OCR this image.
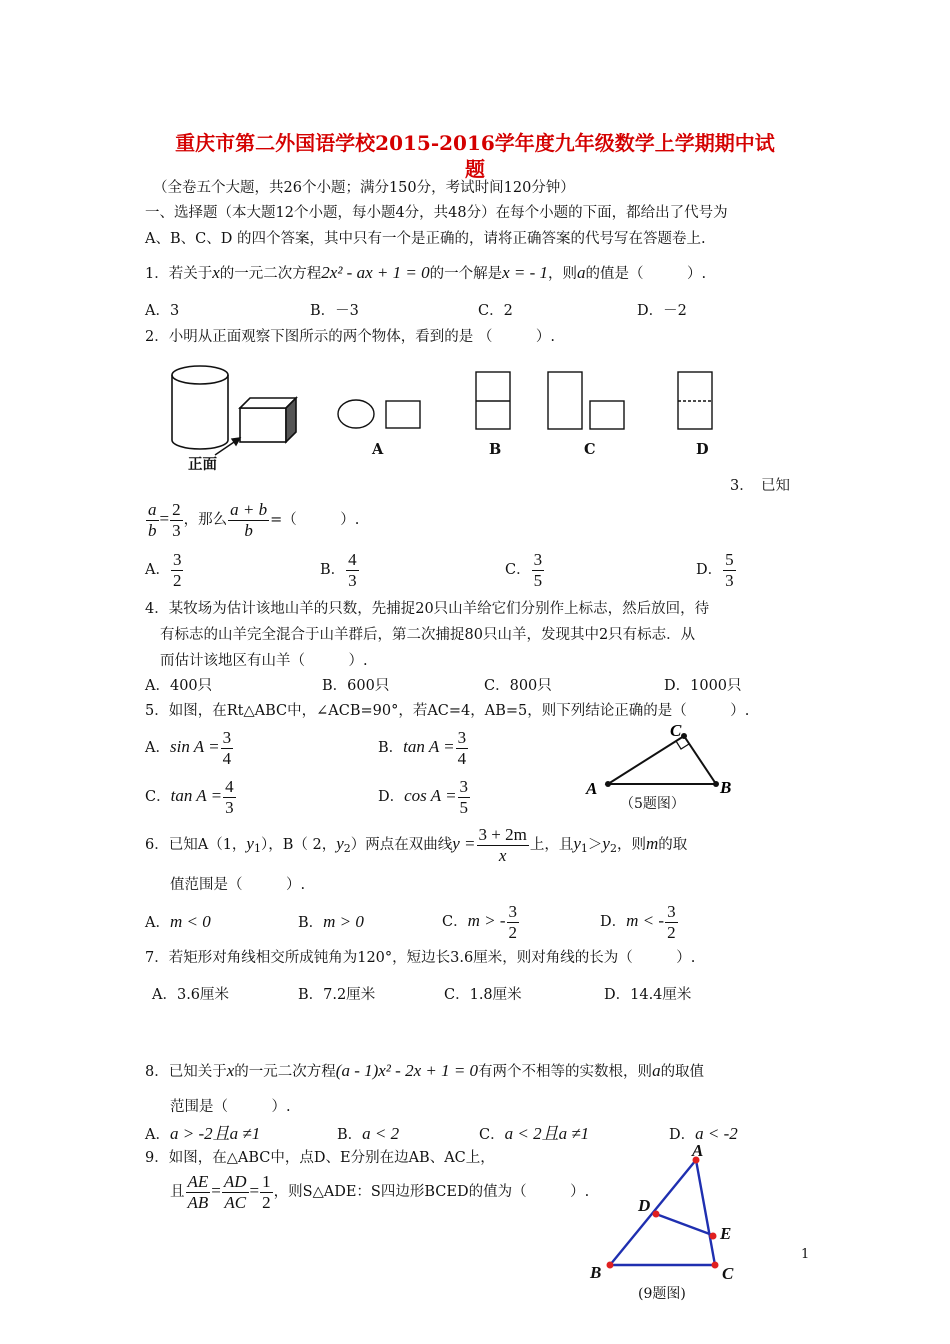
重庆市第二外国语学校2015-2016学年度九年级数学上学期期中试
题
（全卷五个大题，共26个小题；满分150分，考试时间120分钟）
一、选择题（本大题12个小题，每小题4分，共48分）在每个小题的下面，都给出了代号为
A、B、C、D 的四个答案，其中只有一个是正确的，请将正确答案的代号写在答题卷上.
1．若关于x的一元二次方程2x² - ax + 1 = 0的一个解是x = - 1，则a的值是（　　　）.
A．3	B．－3	C．2	D．－2
2．小明从正面观察下图所示的两个物体，看到的是 （　　　）.
正面
A	B	C	D
3．　已知
$\frac{a}{b} = \frac{2}{3}$ ，那么 $\frac{a + b}{b}$ =（　　　）.
A． $\frac{3}{2}$	B． $\frac{4}{3}$	C． $\frac{3}{5}$	D． $\frac{5}{3}$
4．某牧场为估计该地山羊的只数，先捕捉20只山羊给它们分别作上标志，然后放回，待
有标志的山羊完全混合于山羊群后，第二次捕捉80只山羊，发现其中2只有标志．从
而估计该地区有山羊（　　　）.
A．400只	B．600只	C．800只	D．1000只
5．如图，在Rt△ABC中，∠ACB=90°，若AC=4，AB=5，则下列结论正确的是（　　　）.
A．$\sin A = \frac{3}{4}$	B．$\tan A = \frac{3}{4}$
C．$\tan A = \frac{4}{3}$	D．$\cos A = \frac{3}{5}$	A	B
C
（5题图）
6．已知A（1，$y_1$），B（ 2，$y_2$）两点在双曲线$y = \frac{3 + 2m}{x}$ 上，且$y_1>y_2$，则m的取
值范围是（　　　）.
A．m < 0	B．m > 0	C．m > - $\frac{3}{2}$	D．m < - $\frac{3}{2}$
7．若矩形对角线相交所成钝角为120°，短边长3.6厘米，则对角线的长为（　　　）.
A．3.6厘米	B．7.2厘米	C．1.8厘米	D．14.4厘米
8．已知关于x的一元二次方程(a - 1)x² - 2x + 1 = 0有两个不相等的实数根，则a的取值
范围是（　　　）.
A．a > -2且a ≠1	B．a < 2	C．a < 2且a ≠1	D．a < -2
9．如图，在△ABC中，点D、E分别在边AB、AC上，
且 $\frac{AE}{AB} = \frac{AD}{AC} = \frac{1}{2}$ ，则S△ADE：S四边形BCED的值为（　　　）.
A
B	C
D
E
(9题图)
1
